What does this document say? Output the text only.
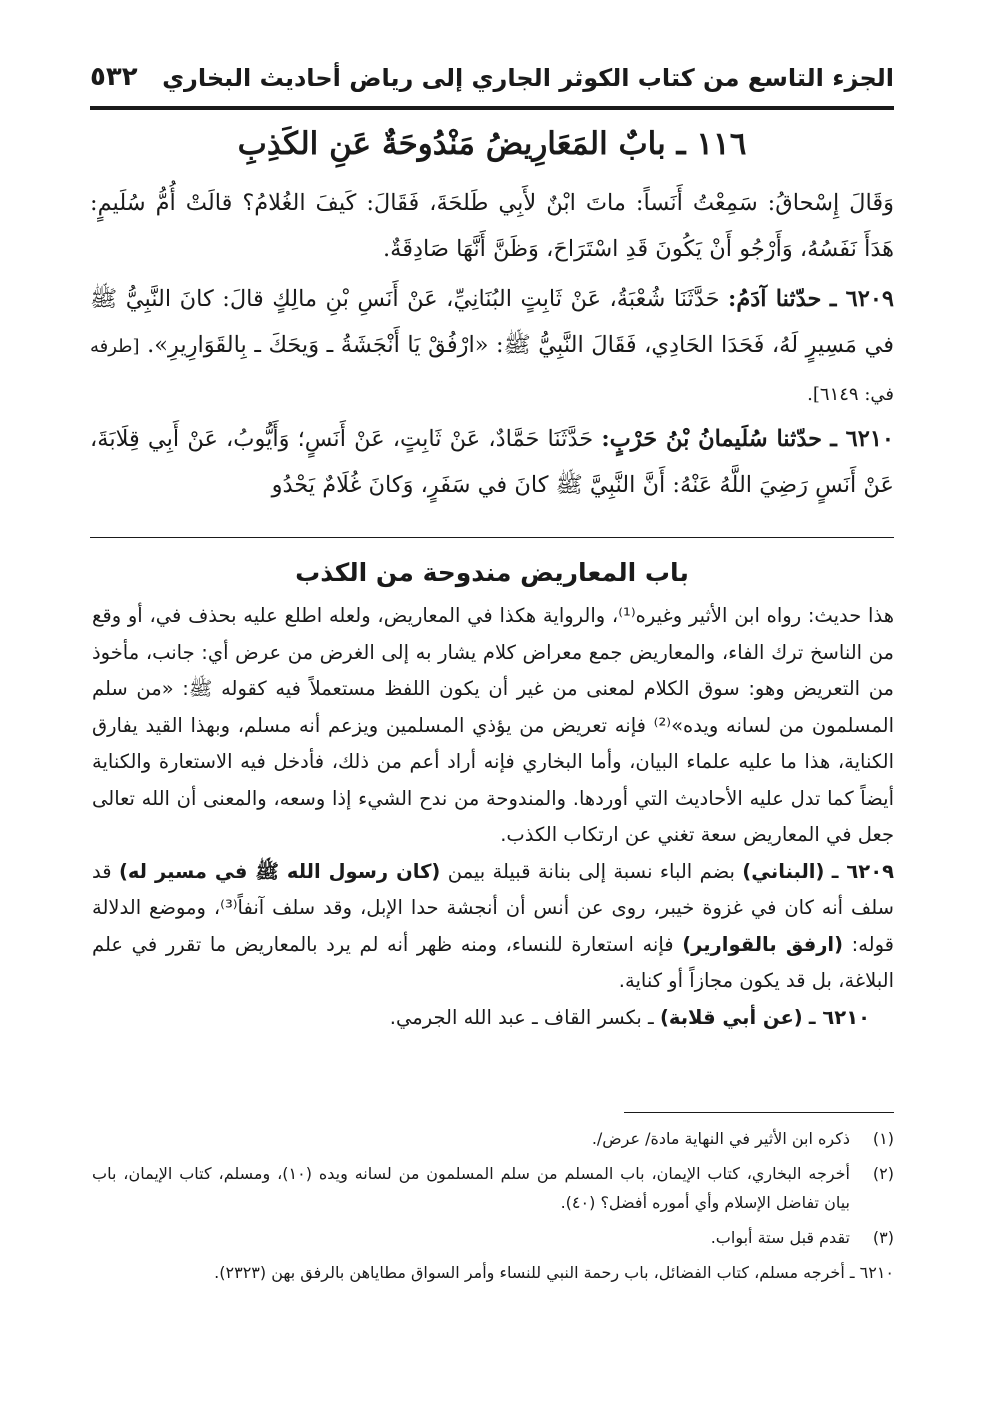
الجزء التاسع من كتاب الكوثر الجاري إلى رياض أحاديث البخاري
٥٣٢
١١٦ ـ بابٌ المَعَارِيضُ مَنْدُوحَةٌ عَنِ الكَذِبِ
وَقَالَ إِسْحاقُ: سَمِعْتُ أَنَساً: ماتَ ابْنٌ لأَبِي طَلحَةَ، فَقَالَ: كَيفَ الغُلامُ؟ قالَتْ أُمُّ سُلَيمٍ: هَدَأَ نَفَسُهُ، وَأَرْجُو أَنْ يَكُونَ قَدِ اسْتَرَاحَ، وَظَنَّ أَنَّهَا صَادِقَةٌ.
٦٢٠٩ ـ حدّثنا آدَمُ: حَدَّثَنَا شُعْبَةُ، عَنْ ثَابِتٍ البُنَانِيِّ، عَنْ أَنَسِ بْنِ مالِكٍ قالَ: كانَ النَّبِيُّ ﷺ في مَسِيرٍ لَهُ، فَحَدَا الحَادِي، فَقَالَ النَّبِيُّ ﷺ: «ارْفُقْ يَا أَنْجَشَةُ ـ وَيحَكَ ـ بِالقَوَارِيرِ». [طرفه في: ٦١٤٩].
٦٢١٠ ـ حدّثنا سُلَيمانُ بْنُ حَرْبٍ: حَدَّثَنَا حَمَّادٌ، عَنْ ثَابِتٍ، عَنْ أَنَسٍ؛ وَأَيُّوبُ، عَنْ أَبِي قِلَابَةَ، عَنْ أَنَسٍ رَضِيَ اللَّهُ عَنْهُ: أَنَّ النَّبِيَّ ﷺ كانَ في سَفَرٍ، وَكانَ غُلَامٌ يَحْدُو
باب المعاريض مندوحة من الكذب

هذا حديث: رواه ابن الأثير وغيره⁽¹⁾، والرواية هكذا في المعاريض، ولعله اطلع عليه بحذف في، أو وقع من الناسخ ترك الفاء، والمعاريض جمع معراض كلام يشار به إلى الغرض من عرض أي: جانب، مأخوذ من التعريض وهو: سوق الكلام لمعنى من غير أن يكون اللفظ مستعملاً فيه كقوله ﷺ: «من سلم المسلمون من لسانه ويده»⁽²⁾ فإنه تعريض من يؤذي المسلمين ويزعم أنه مسلم، وبهذا القيد يفارق الكناية، هذا ما عليه علماء البيان، وأما البخاري فإنه أراد أعم من ذلك، فأدخل فيه الاستعارة والكناية أيضاً كما تدل عليه الأحاديث التي أوردها. والمندوحة من ندح الشيء إذا وسعه، والمعنى أن الله تعالى جعل في المعاريض سعة تغني عن ارتكاب الكذب.

٦٢٠٩ ـ (البناني) بضم الباء نسبة إلى بنانة قبيلة بيمن (كان رسول الله ﷺ في مسير له) قد سلف أنه كان في غزوة خيبر، روى عن أنس أن أنجشة حدا الإبل، وقد سلف آنفاً⁽³⁾، وموضع الدلالة قوله: (ارفق بالقوارير) فإنه استعارة للنساء، ومنه ظهر أنه لم يرد بالمعاريض ما تقرر في علم البلاغة، بل قد يكون مجازاً أو كناية.

٦٢١٠ ـ (عن أبي قلابة) ـ بكسر القاف ـ عبد الله الجرمي.

(١)
ذكره ابن الأثير في النهاية مادة/ عرض/.

(٢)
أخرجه البخاري، كتاب الإيمان، باب المسلم من سلم المسلمون من لسانه ويده (١٠)، ومسلم، كتاب الإيمان، باب بيان تفاضل الإسلام وأي أموره أفضل؟ (٤٠).

(٣)
تقدم قبل ستة أبواب.

٦٢١٠ ـ أخرجه مسلم، كتاب الفضائل، باب رحمة النبي للنساء وأمر السواق مطاياهن بالرفق بهن (٢٣٢٣).
